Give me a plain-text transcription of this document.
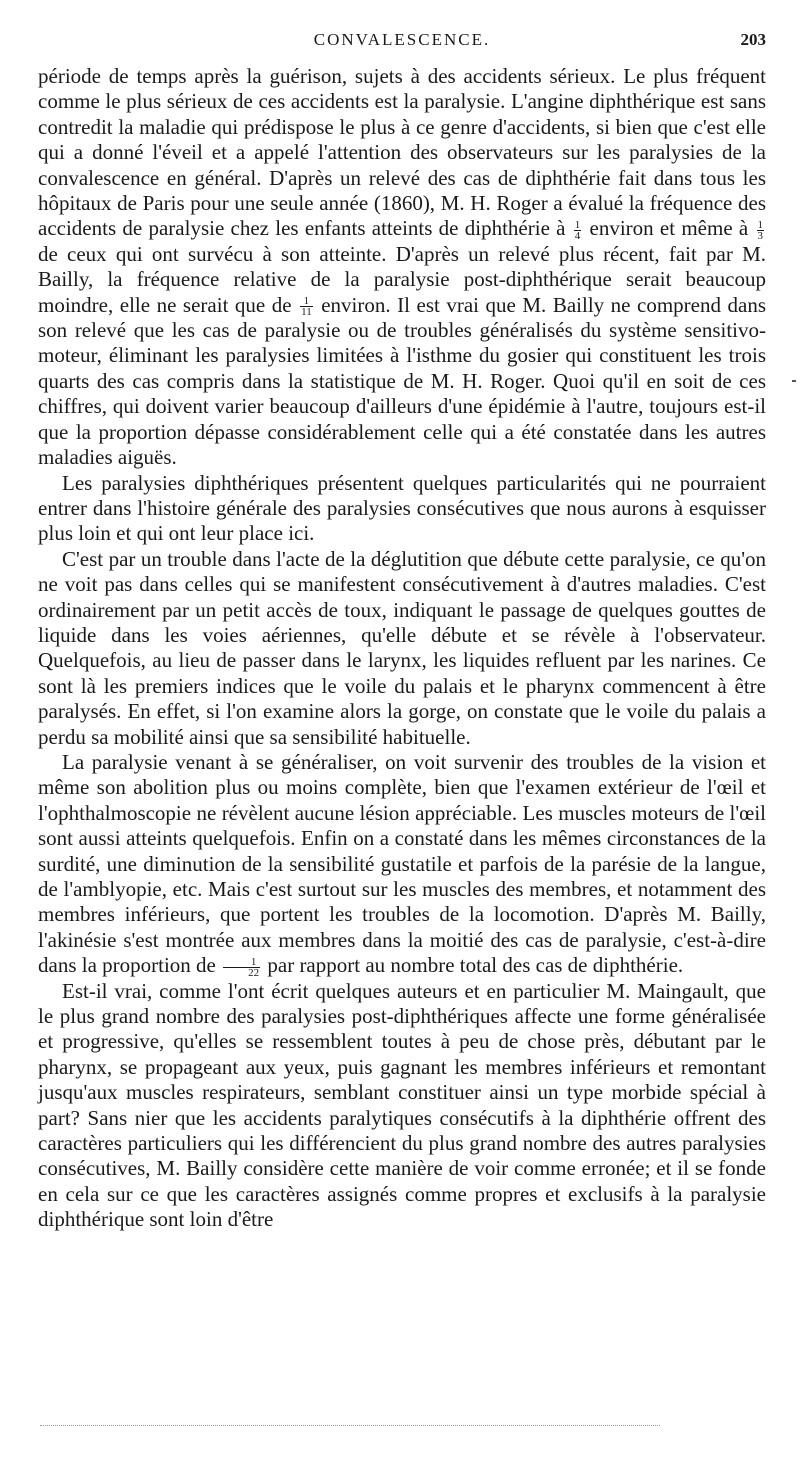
CONVALESCENCE.	203

période de temps après la guérison, sujets à des accidents sérieux. Le plus fréquent comme le plus sérieux de ces accidents est la paralysie. L'angine diphthérique est sans contredit la maladie qui prédispose le plus à ce genre d'accidents, si bien que c'est elle qui a donné l'éveil et a appelé l'attention des observateurs sur les paralysies de la convalescence en général. D'après un relevé des cas de diphthérie fait dans tous les hôpitaux de Paris pour une seule année (1860), M. H. Roger a évalué la fréquence des accidents de paralysie chez les enfants atteints de diphthérie à $\frac{1}{4}$ environ et même à $\frac{1}{3}$
de ceux qui ont survécu à son atteinte. D'après un relevé plus récent, fait par M. Bailly, la fréquence relative de la paralysie post-diphthérique serait beaucoup moindre, elle ne serait que de $\frac{1}{11}$ environ. Il est vrai que M. Bailly ne comprend dans son relevé que les cas de paralysie ou de troubles généralisés du système sensitivo-moteur, éliminant les paralysies limitées à l'isthme du gosier qui constituent les trois quarts des cas compris dans la statistique de M. H. Roger. Quoi qu'il en soit de ces chiffres, qui doivent varier beaucoup d'ailleurs d'une épidémie à l'autre, toujours est-il que la proportion dépasse considérablement celle qui a été constatée dans les autres maladies aiguës.

Les paralysies diphthériques présentent quelques particularités qui ne pourraient entrer dans l'histoire générale des paralysies consécutives que nous aurons à esquisser plus loin et qui ont leur place ici.

C'est par un trouble dans l'acte de la déglutition que débute cette paralysie, ce qu'on ne voit pas dans celles qui se manifestent consécutivement à d'autres maladies. C'est ordinairement par un petit accès de toux, indiquant le passage de quelques gouttes de liquide dans les voies aériennes, qu'elle débute et se révèle à l'observateur. Quelquefois, au lieu de passer dans le larynx, les liquides refluent par les narines. Ce sont là les premiers indices que le voile du palais et le pharynx commencent à être paralysés. En effet, si l'on examine alors la gorge, on constate que le voile du palais a perdu sa mobilité ainsi que sa sensibilité habituelle.

La paralysie venant à se généraliser, on voit survenir des troubles de la vision et même son abolition plus ou moins complète, bien que l'examen extérieur de l'œil et l'ophthalmoscopie ne révèlent aucune lésion appréciable. Les muscles moteurs de l'œil sont aussi atteints quelquefois. Enfin on a constaté dans les mêmes circonstances de la surdité, une diminution de la sensibilité gustatile et parfois de la parésie de la langue, de l'amblyopie, etc. Mais c'est surtout sur les muscles des membres, et notamment des membres inférieurs, que portent les troubles de la locomotion. D'après M. Bailly, l'akinésie s'est montrée aux membres dans la moitié des cas de paralysie, c'est-à-dire dans la proportion de $\frac{1}{22}$ par rapport au nombre total des cas de diphthérie.

Est-il vrai, comme l'ont écrit quelques auteurs et en particulier M. Maingault, que le plus grand nombre des paralysies post-diphthériques affecte une forme généralisée et progressive, qu'elles se ressemblent toutes à peu de chose près, débutant par le pharynx, se propageant aux yeux, puis gagnant les membres inférieurs et remontant jusqu'aux muscles respirateurs, semblant constituer ainsi un type morbide spécial à part? Sans nier que les accidents paralytiques consécutifs à la diphthérie offrent des caractères particuliers qui les différencient du plus grand nombre des autres paralysies consécutives, M. Bailly considère cette manière de voir comme erronée; et il se fonde en cela sur ce que les caractères assignés comme propres et exclusifs à la paralysie diphthérique sont loin d'être
